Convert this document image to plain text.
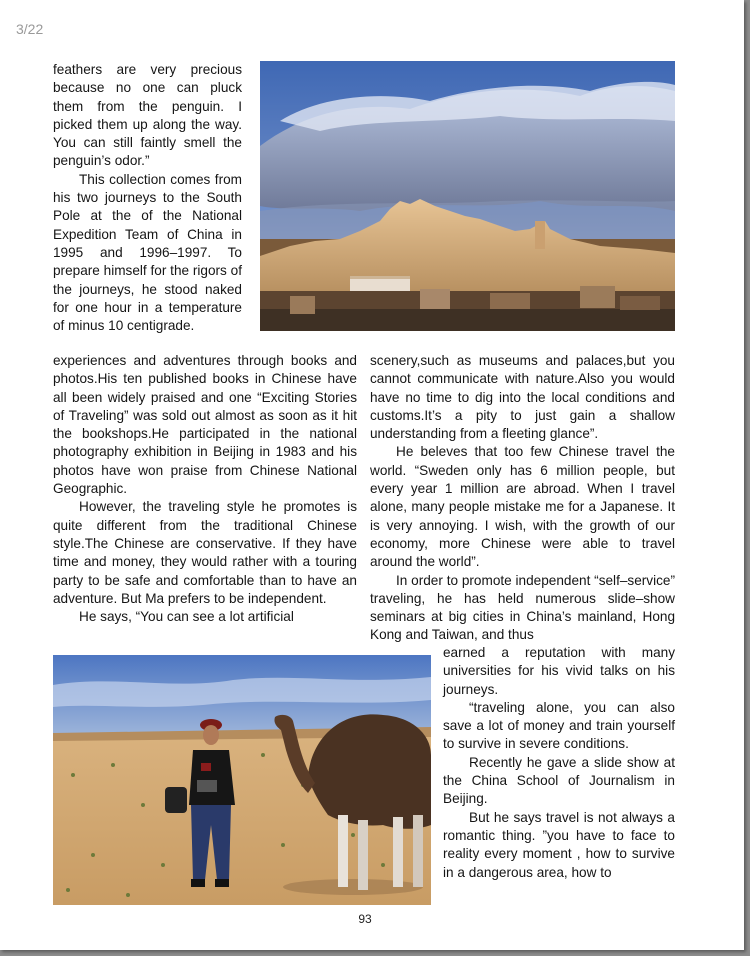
3/22

feathers are very precious because no one can pluck them from the penguin. I picked them up along the way. You can still faintly smell the penguin’s odor.”

This collection comes from his two journeys to the South Pole at the of the National Expedition Team of China in 1995 and 1996–1997. To prepare himself for the rigors of the journeys, he stood naked for one hour in a temperature of minus 10 centigrade.

experiences and adventures through books and photos.His ten published books in Chinese have all been widely praised and one “Exciting Stories of Traveling” was sold out almost as soon as it hit the bookshops.He participated in the national photography exhibition in Beijing in 1983 and his photos have won praise from Chinese National Geographic.

However, the traveling style he promotes is quite different from the traditional Chinese style.The Chinese are conservative. If they have time and money, they would rather with a touring party to be safe and comfortable than to have an adventure. But Ma prefers to be independent.

He says, “You can see a lot artificial

scenery,such as museums and palaces,but you cannot communicate with nature.Also you would have no time to dig into the local conditions and customs.It’s a pity to just gain a shallow understanding from a fleeting glance”.

He beleves that too few Chinese travel the world. “Sweden only has 6 million people, but every year 1 million are abroad. When I travel alone, many people mistake me for a Japanese. It is very annoying. I wish, with the growth of our economy, more Chinese were able to travel around the world”.

In order to promote independent “self–service” traveling, he has held numerous slide–show seminars at big cities in China’s mainland, Hong Kong and Taiwan, and thus

earned a reputation with many universities for his vivid talks on his journeys.

“traveling alone, you can also save a lot of money and train yourself to survive in severe conditions.

Recently he gave a slide show at the China School of Journalism in Beijing.

But he says travel is not always a romantic thing. ”you have to face to reality every moment , how to survive in a dangerous area, how to

93
